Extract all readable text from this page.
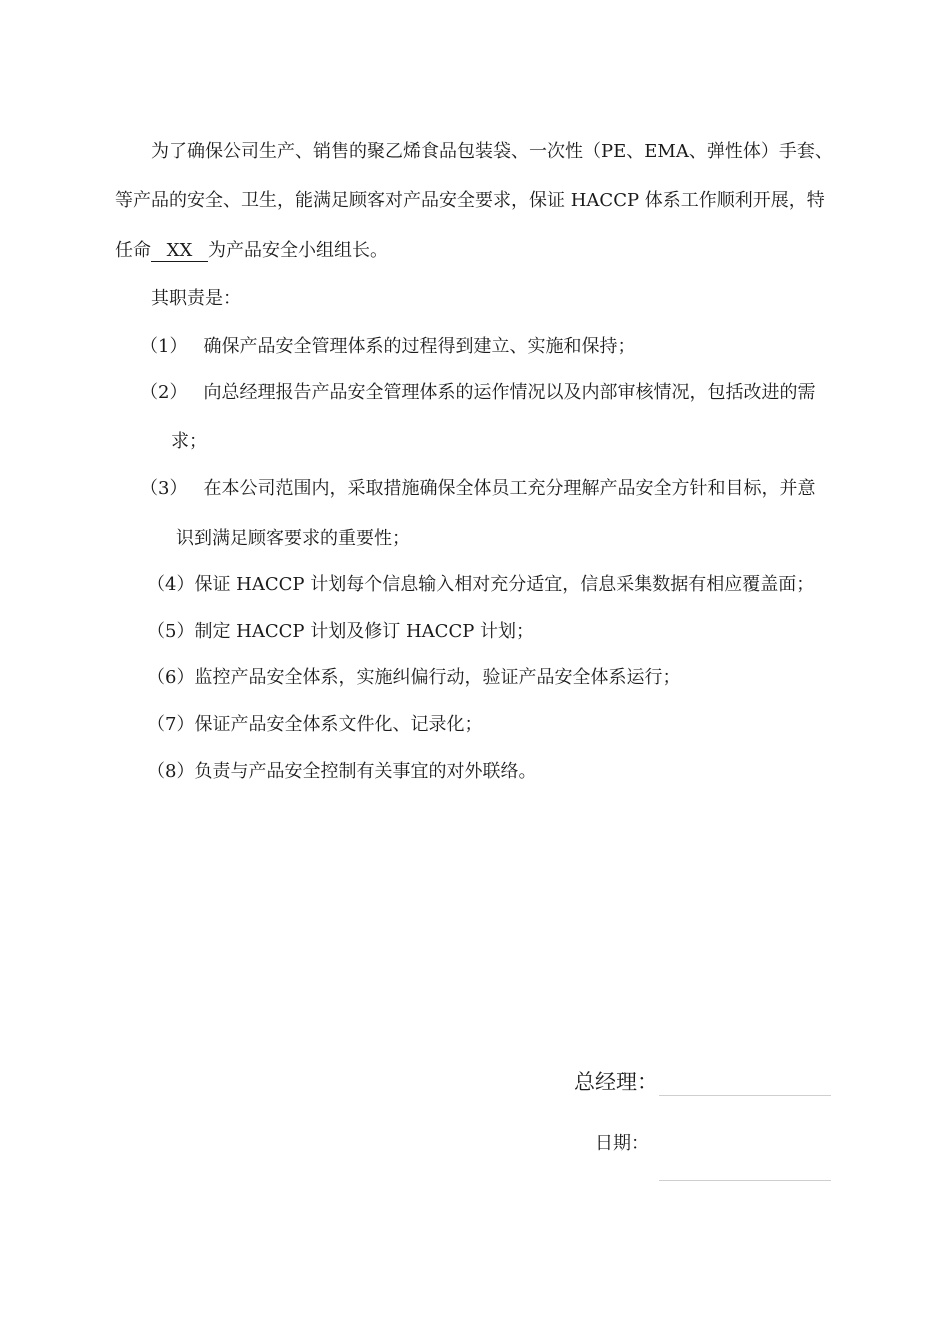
为了确保公司生产、销售的聚乙烯食品包装袋、一次性（PE、EMA、弹性体）手套、
等产品的安全、卫生，能满足顾客对产品安全要求，保证 HACCP 体系工作顺利开展，特
任命 XX 为产品安全小组组长。
其职责是：
（1） 确保产品安全管理体系的过程得到建立、实施和保持；
（2） 向总经理报告产品安全管理体系的运作情况以及内部审核情况，包括改进的需
求；
（3） 在本公司范围内，采取措施确保全体员工充分理解产品安全方针和目标，并意
识到满足顾客要求的重要性；
（4）保证 HACCP 计划每个信息输入相对充分适宜，信息采集数据有相应覆盖面；
（5）制定 HACCP 计划及修订 HACCP 计划；
（6）监控产品安全体系，实施纠偏行动，验证产品安全体系运行；
（7）保证产品安全体系文件化、记录化；
（8）负责与产品安全控制有关事宜的对外联络。
总经理：
日期：
